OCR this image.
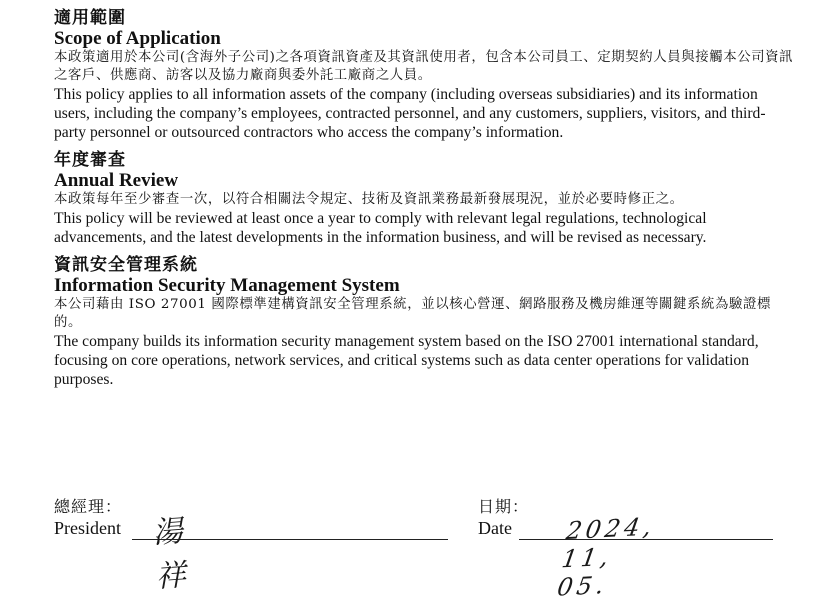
適用範圍
Scope of Application

本政策適用於本公司(含海外子公司)之各項資訊資產及其資訊使用者，包含本公司員工、定期契約人員與接觸本公司資訊之客戶、供應商、訪客以及協力廠商與委外託工廠商之人員。

This policy applies to all information assets of the company (including overseas subsidiaries) and its information users, including the company’s employees, contracted personnel, and any customers, suppliers, visitors, and third-party personnel or outsourced contractors who access the company’s information.

年度審查
Annual Review

本政策每年至少審查一次，以符合相關法令規定、技術及資訊業務最新發展現況，並於必要時修正之。

This policy will be reviewed at least once a year to comply with relevant legal regulations, technological advancements, and the latest developments in the information business, and will be revised as necessary.

資訊安全管理系統
Information Security Management System

本公司藉由 ISO 27001 國際標準建構資訊安全管理系統，並以核心營運、網路服務及機房維運等關鍵系統為驗證標的。

The company builds its information security management system based on the ISO 27001 international standard, focusing on core operations, network services, and critical systems such as data center operations for validation purposes.

總經理：
President 湯祥
日期：
Date	2024, 11, 05.
